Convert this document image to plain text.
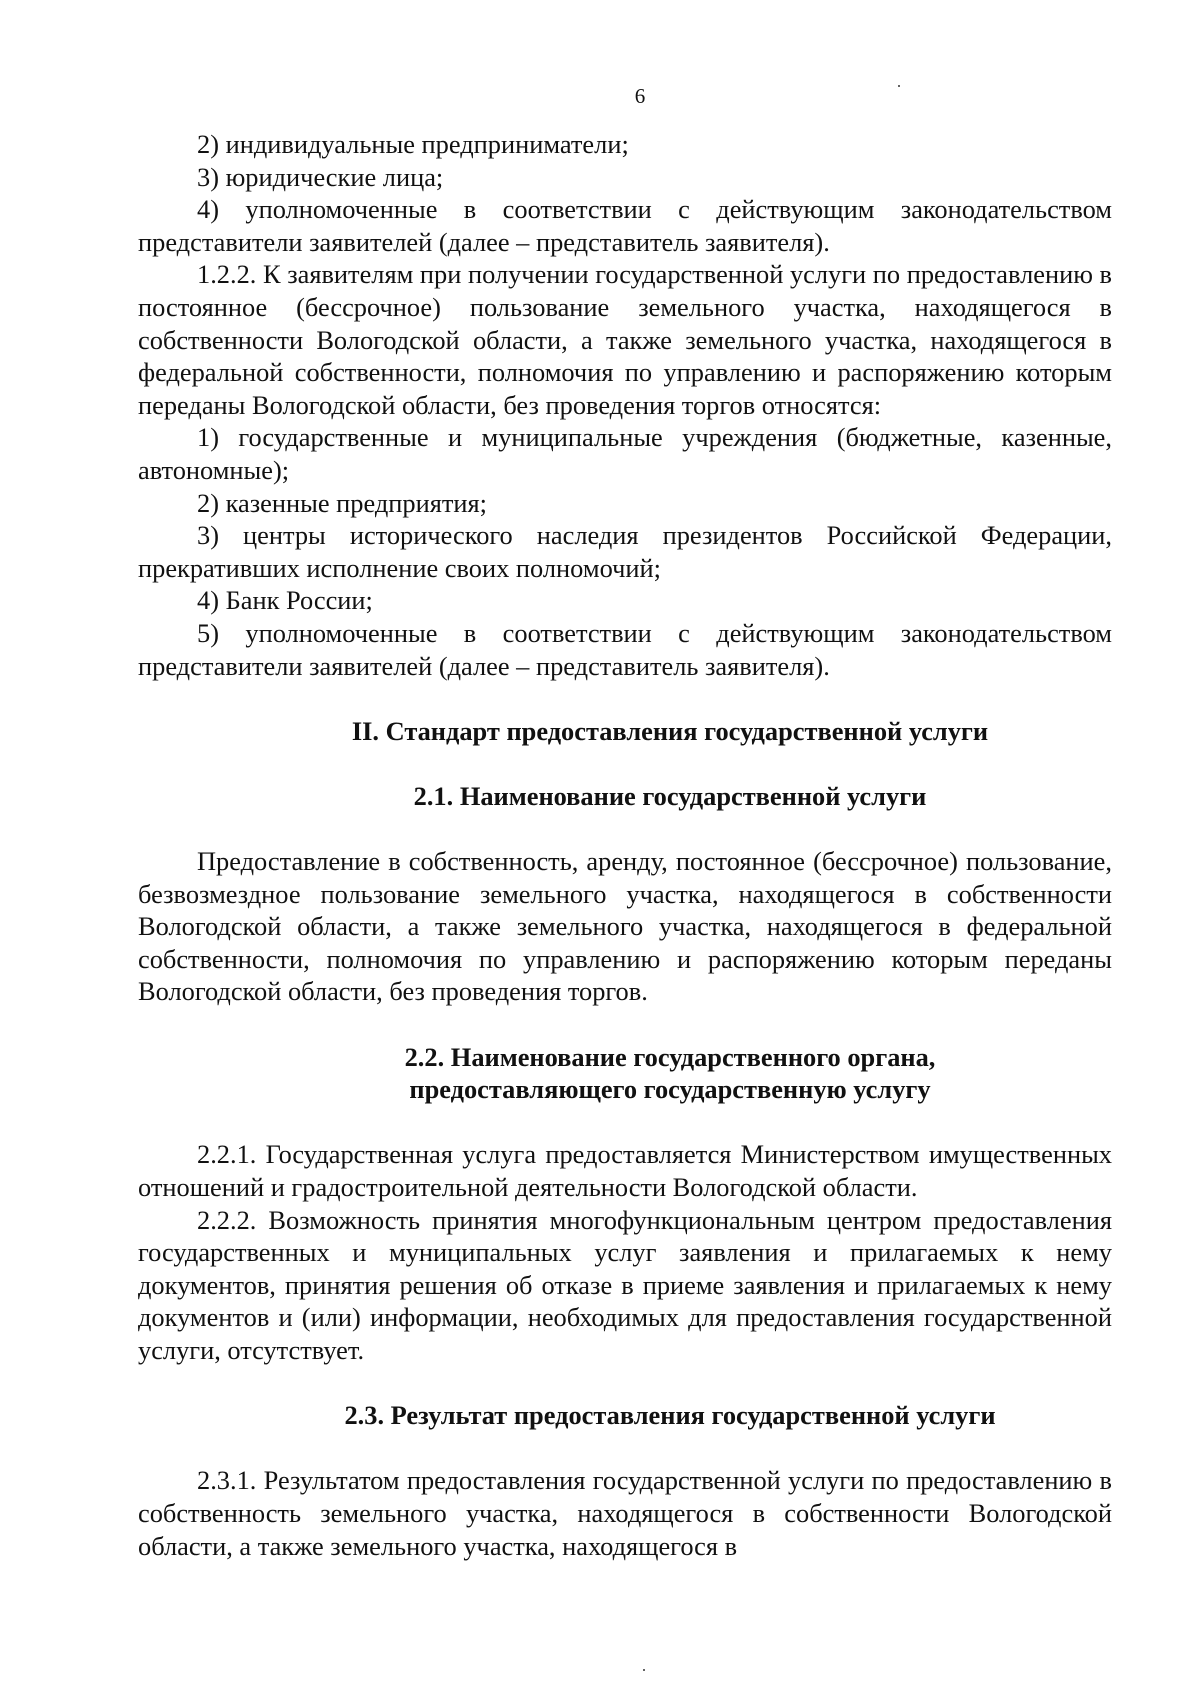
6

2) индивидуальные предприниматели;

3) юридические лица;

4) уполномоченные в соответствии с действующим законодательством представители заявителей (далее – представитель заявителя).

1.2.2. К заявителям при получении государственной услуги по предоставлению в постоянное (бессрочное) пользование земельного участка, находящегося в собственности Вологодской области, а также земельного участка, находящегося в федеральной собственности, полномочия по управлению и распоряжению которым переданы Вологодской области, без проведения торгов относятся:

1) государственные и муниципальные учреждения (бюджетные, казенные, автономные);

2) казенные предприятия;

3) центры исторического наследия президентов Российской Федерации, прекративших исполнение своих полномочий;

4) Банк России;

5) уполномоченные в соответствии с действующим законодательством представители заявителей (далее – представитель заявителя).

II. Стандарт предоставления государственной услуги

2.1. Наименование государственной услуги

Предоставление в собственность, аренду, постоянное (бессрочное) пользование, безвозмездное пользование земельного участка, находящегося в собственности Вологодской области, а также земельного участка, находящегося в федеральной собственности, полномочия по управлению и распоряжению которым переданы Вологодской области, без проведения торгов.

2.2. Наименование государственного органа,

предоставляющего государственную услугу

2.2.1. Государственная услуга предоставляется Министерством имущественных отношений и градостроительной деятельности Вологодской области.

2.2.2. Возможность принятия многофункциональным центром предоставления государственных и муниципальных услуг заявления и прилагаемых к нему документов, принятия решения об отказе в приеме заявления и прилагаемых к нему документов и (или) информации, необходимых для предоставления государственной услуги, отсутствует.

2.3. Результат предоставления государственной услуги

2.3.1. Результатом предоставления государственной услуги по предоставлению в собственность земельного участка, находящегося в собственности Вологодской области, а также земельного участка, находящегося в
